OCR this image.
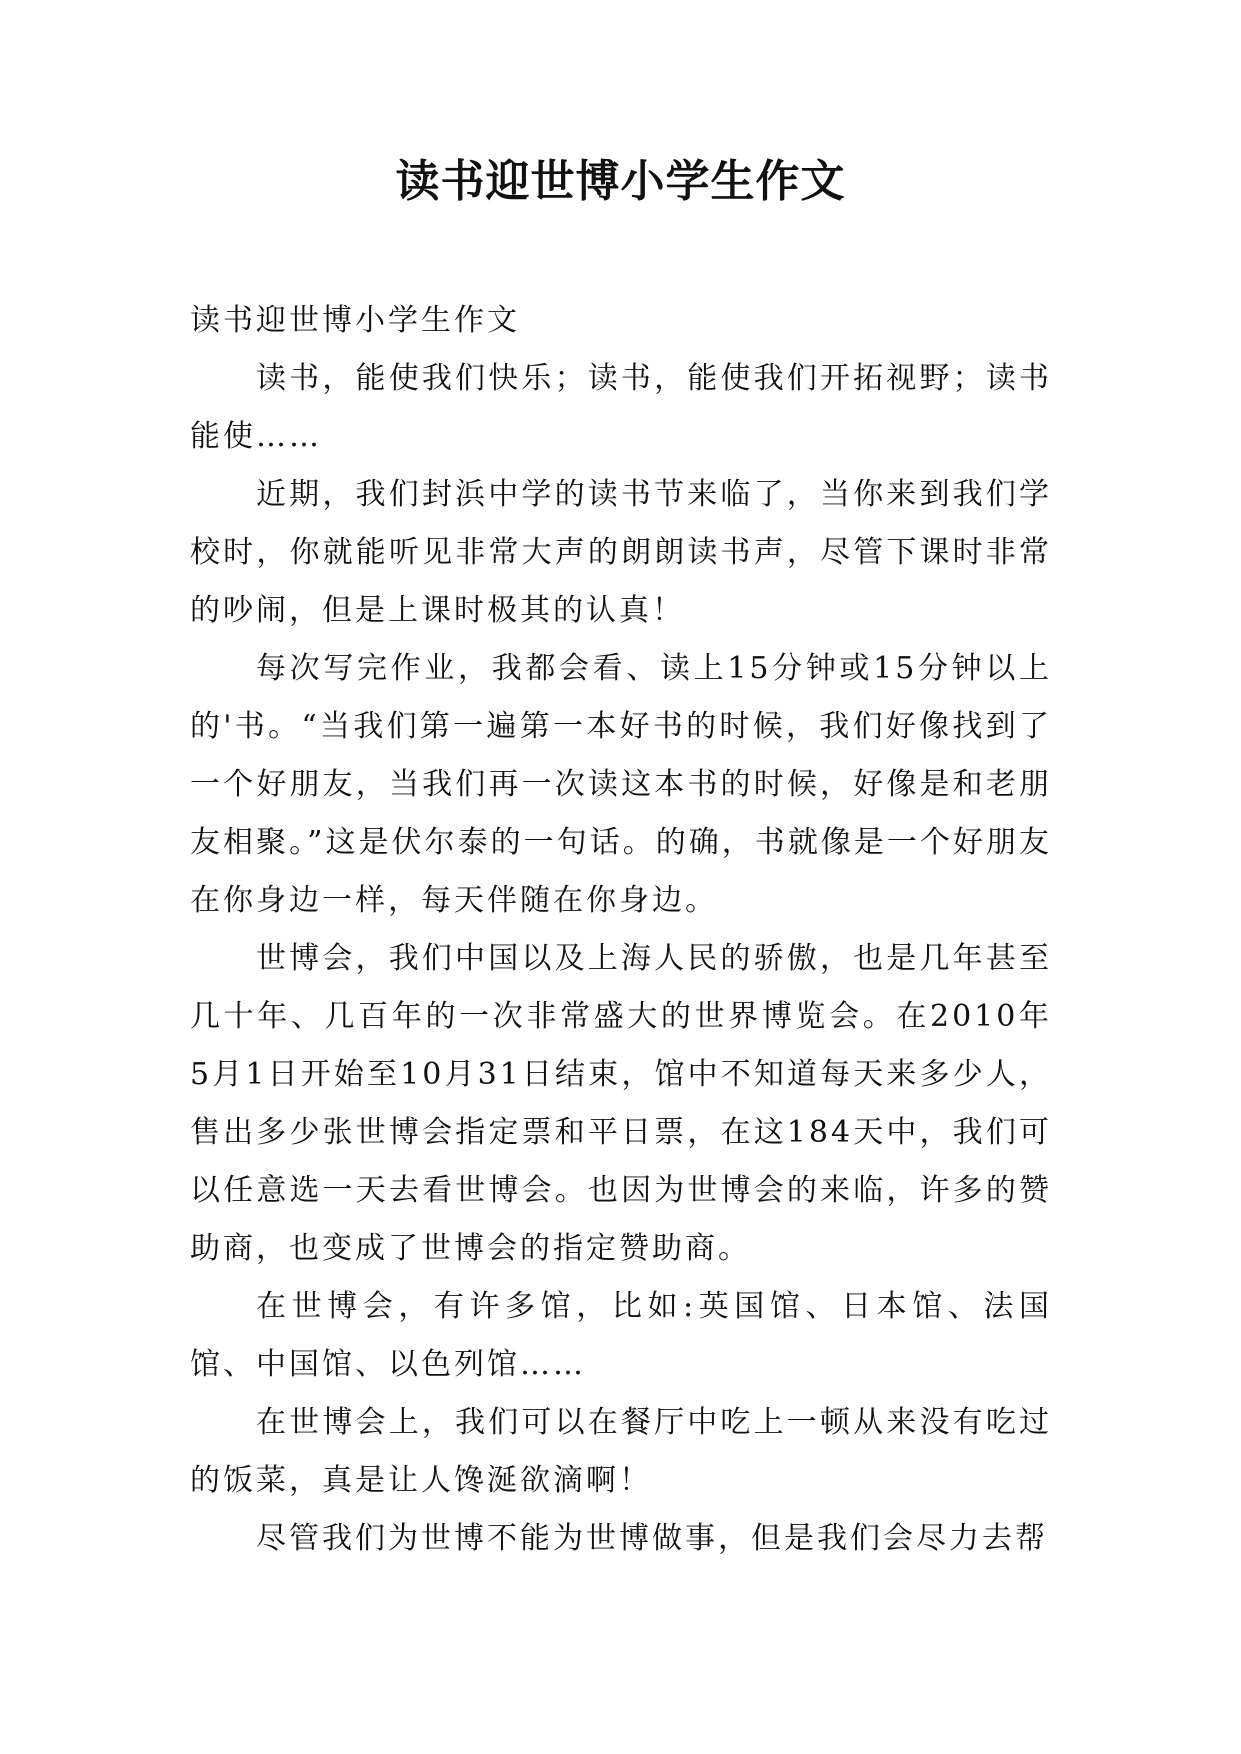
读书迎世博小学生作文

读书迎世博小学生作文

读书，能使我们快乐；读书，能使我们开拓视野；读书能使……

近期，我们封浜中学的读书节来临了，当你来到我们学校时，你就能听见非常大声的朗朗读书声，尽管下课时非常的吵闹，但是上课时极其的认真！

每次写完作业，我都会看、读上15分钟或15分钟以上的'书。“当我们第一遍第一本好书的时候，我们好像找到了一个好朋友，当我们再一次读这本书的时候，好像是和老朋友相聚。”这是伏尔泰的一句话。的确，书就像是一个好朋友在你身边一样，每天伴随在你身边。

世博会，我们中国以及上海人民的骄傲，也是几年甚至几十年、几百年的一次非常盛大的世界博览会。在2010年5月1日开始至10月31日结束，馆中不知道每天来多少人，售出多少张世博会指定票和平日票，在这184天中，我们可以任意选一天去看世博会。也因为世博会的来临，许多的赞助商，也变成了世博会的指定赞助商。

在世博会，有许多馆，比如:英国馆、日本馆、法国馆、中国馆、以色列馆……

在世博会上，我们可以在餐厅中吃上一顿从来没有吃过的饭菜，真是让人馋涎欲滴啊！

尽管我们为世博不能为世博做事，但是我们会尽力去帮
